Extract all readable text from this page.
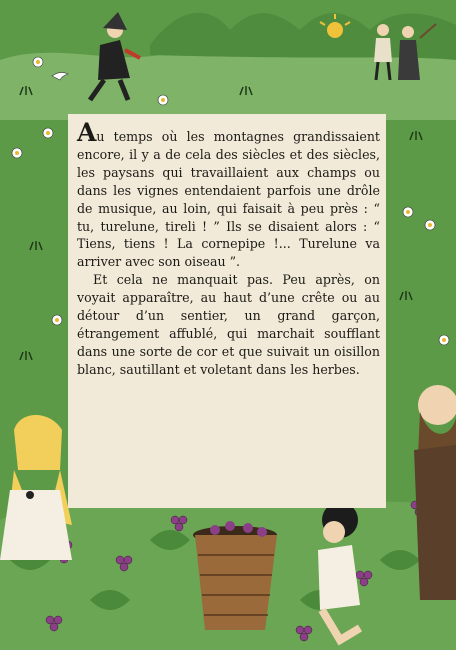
Au temps où les montagnes grandissaient encore, il y a de cela des siècles et des siècles, les paysans qui travaillaient aux champs ou dans les vignes entendaient parfois une drôle de musique, au loin, qui faisait à peu près : “ tu, turelune, tireli ! ” Ils se disaient alors : “ Tiens, tiens ! La cornepipe !... Turelune va arriver avec son oiseau ”.

Et cela ne manquait pas. Peu après, on voyait apparaître, au haut d’une crête ou au détour d’un sentier, un grand garçon, étrangement affublé, qui marchait soufflant dans une sorte de cor et que suivait un oisillon blanc, sautillant et voletant dans les herbes.
